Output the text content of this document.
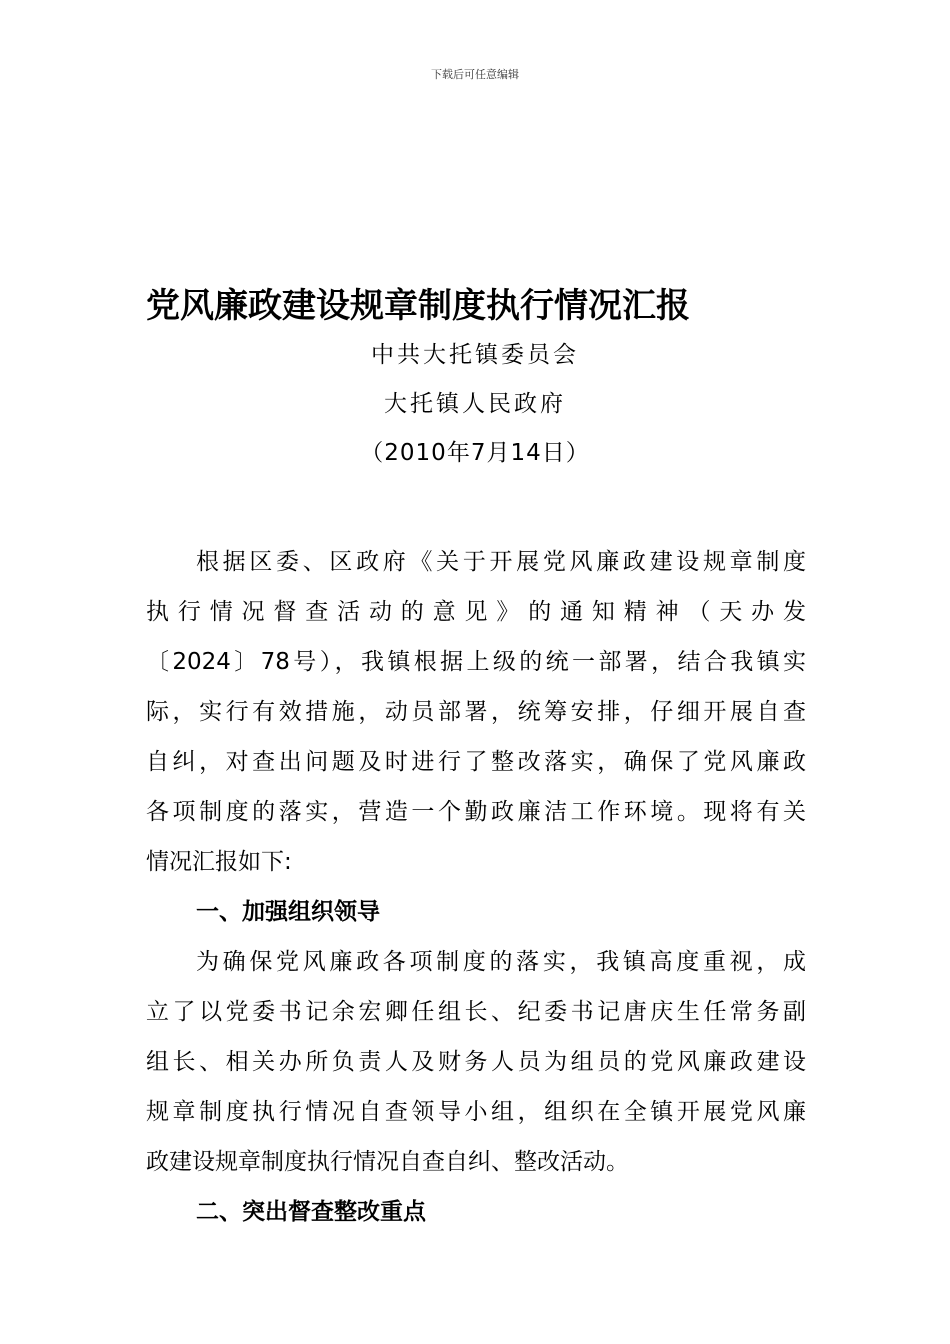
下载后可任意编辑
党风廉政建设规章制度执行情况汇报
中共大托镇委员会
大托镇人民政府
（2010年7月14日）
根据区委、区政府《关于开展党风廉政建设规章制度
执行情况督查活动的意见》的通知精神（天办发
〔2024〕78号），我镇根据上级的统一部署，结合我镇实
际，实行有效措施，动员部署，统筹安排，仔细开展自查
自纠，对查出问题及时进行了整改落实，确保了党风廉政
各项制度的落实，营造一个勤政廉洁工作环境。现将有关
情况汇报如下:
一、加强组织领导
为确保党风廉政各项制度的落实，我镇高度重视，成
立了以党委书记余宏卿任组长、纪委书记唐庆生任常务副
组长、相关办所负责人及财务人员为组员的党风廉政建设
规章制度执行情况自查领导小组，组织在全镇开展党风廉
政建设规章制度执行情况自查自纠、整改活动。
二、突出督查整改重点
